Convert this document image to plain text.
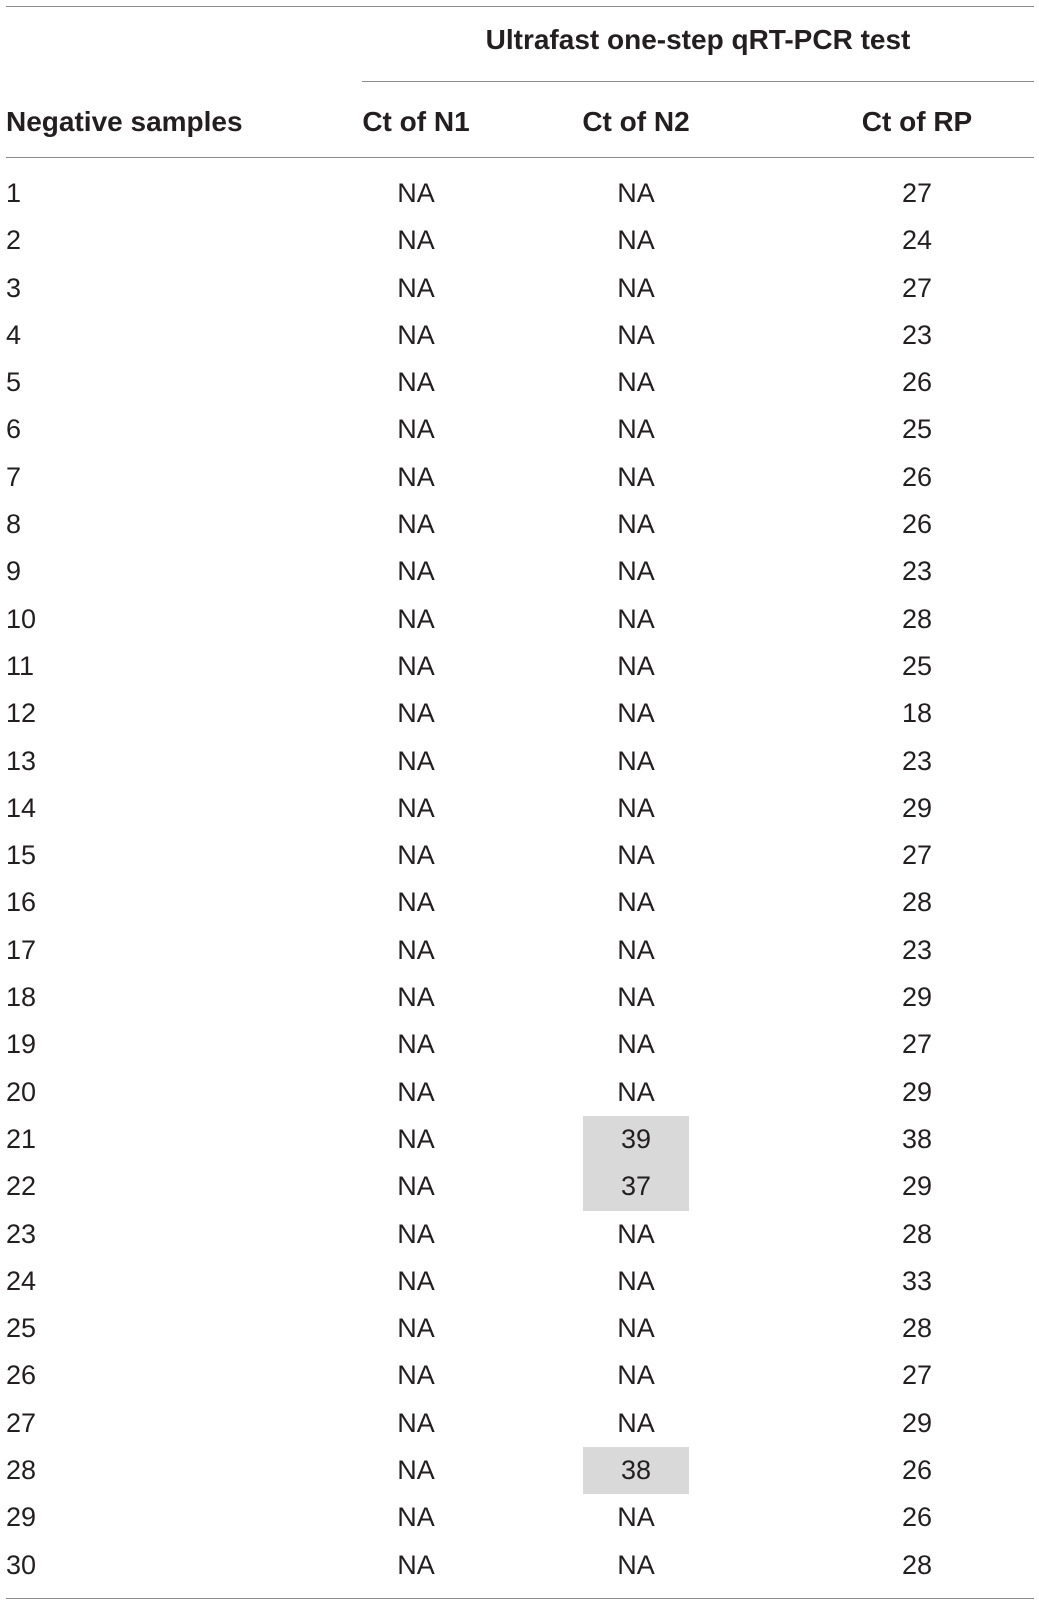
Ultrafast one-step qRT-PCR test
Negative samples	Ct of N1	Ct of N2	Ct of RP
1	NA	NA	27
2	NA	NA	24
3	NA	NA	27
4	NA	NA	23
5	NA	NA	26
6	NA	NA	25
7	NA	NA	26
8	NA	NA	26
9	NA	NA	23
10	NA	NA	28
11	NA	NA	25
12	NA	NA	18
13	NA	NA	23
14	NA	NA	29
15	NA	NA	27
16	NA	NA	28
17	NA	NA	23
18	NA	NA	29
19	NA	NA	27
20	NA	NA	29
21	NA	39	38
22	NA	37	29
23	NA	NA	28
24	NA	NA	33
25	NA	NA	28
26	NA	NA	27
27	NA	NA	29
28	NA	38	26
29	NA	NA	26
30	NA	NA	28
